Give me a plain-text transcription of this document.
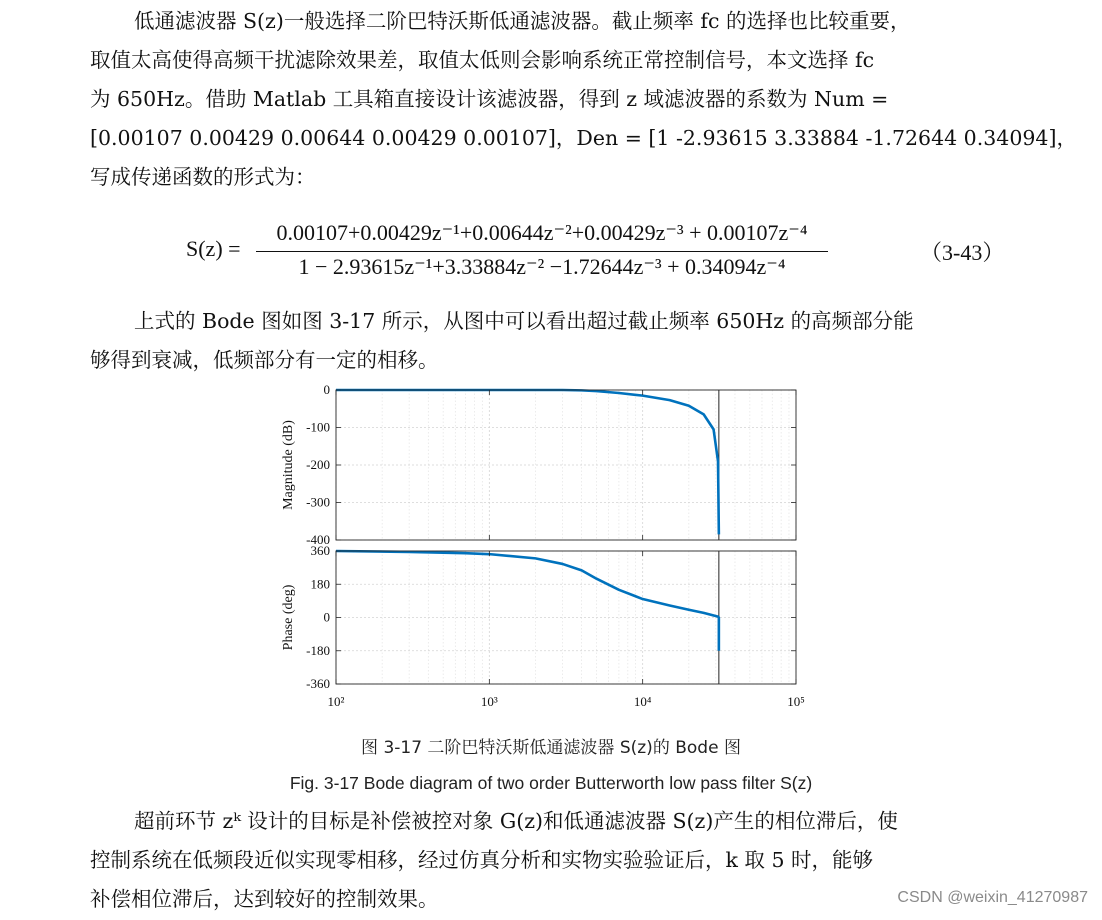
低通滤波器 S(z)一般选择二阶巴特沃斯低通滤波器。截止频率 fc 的选择也比较重要，
取值太高使得高频干扰滤除效果差，取值太低则会影响系统正常控制信号，本文选择 fc
为 650Hz。借助 Matlab 工具箱直接设计该滤波器，得到 z 域滤波器的系数为 Num =
[0.00107 0.00429 0.00644 0.00429 0.00107]，Den = [1 -2.93615 3.33884 -1.72644 0.34094]，
写成传递函数的形式为：
S(z) =
0.00107+0.00429z⁻¹+0.00644z⁻²+0.00429z⁻³ + 0.00107z⁻⁴
1 − 2.93615z⁻¹+3.33884z⁻² −1.72644z⁻³ + 0.34094z⁻⁴
（3-43）
上式的 Bode 图如图 3-17 所示，从图中可以看出超过截止频率 650Hz 的高频部分能
够得到衰减，低频部分有一定的相移。
0
-100
-200
-300
-400
Magnitude (dB)
360
180
0
-180
-360
Phase (deg)
10²	10³	10⁴	10⁵
图 3-17 二阶巴特沃斯低通滤波器 S(z)的 Bode 图
Fig. 3-17 Bode diagram of two order Butterworth low pass filter S(z)
超前环节 zᵏ 设计的目标是补偿被控对象 G(z)和低通滤波器 S(z)产生的相位滞后，使
控制系统在低频段近似实现零相移，经过仿真分析和实物实验验证后，k 取 5 时，能够
补偿相位滞后，达到较好的控制效果。	CSDN @weixin_41270987
